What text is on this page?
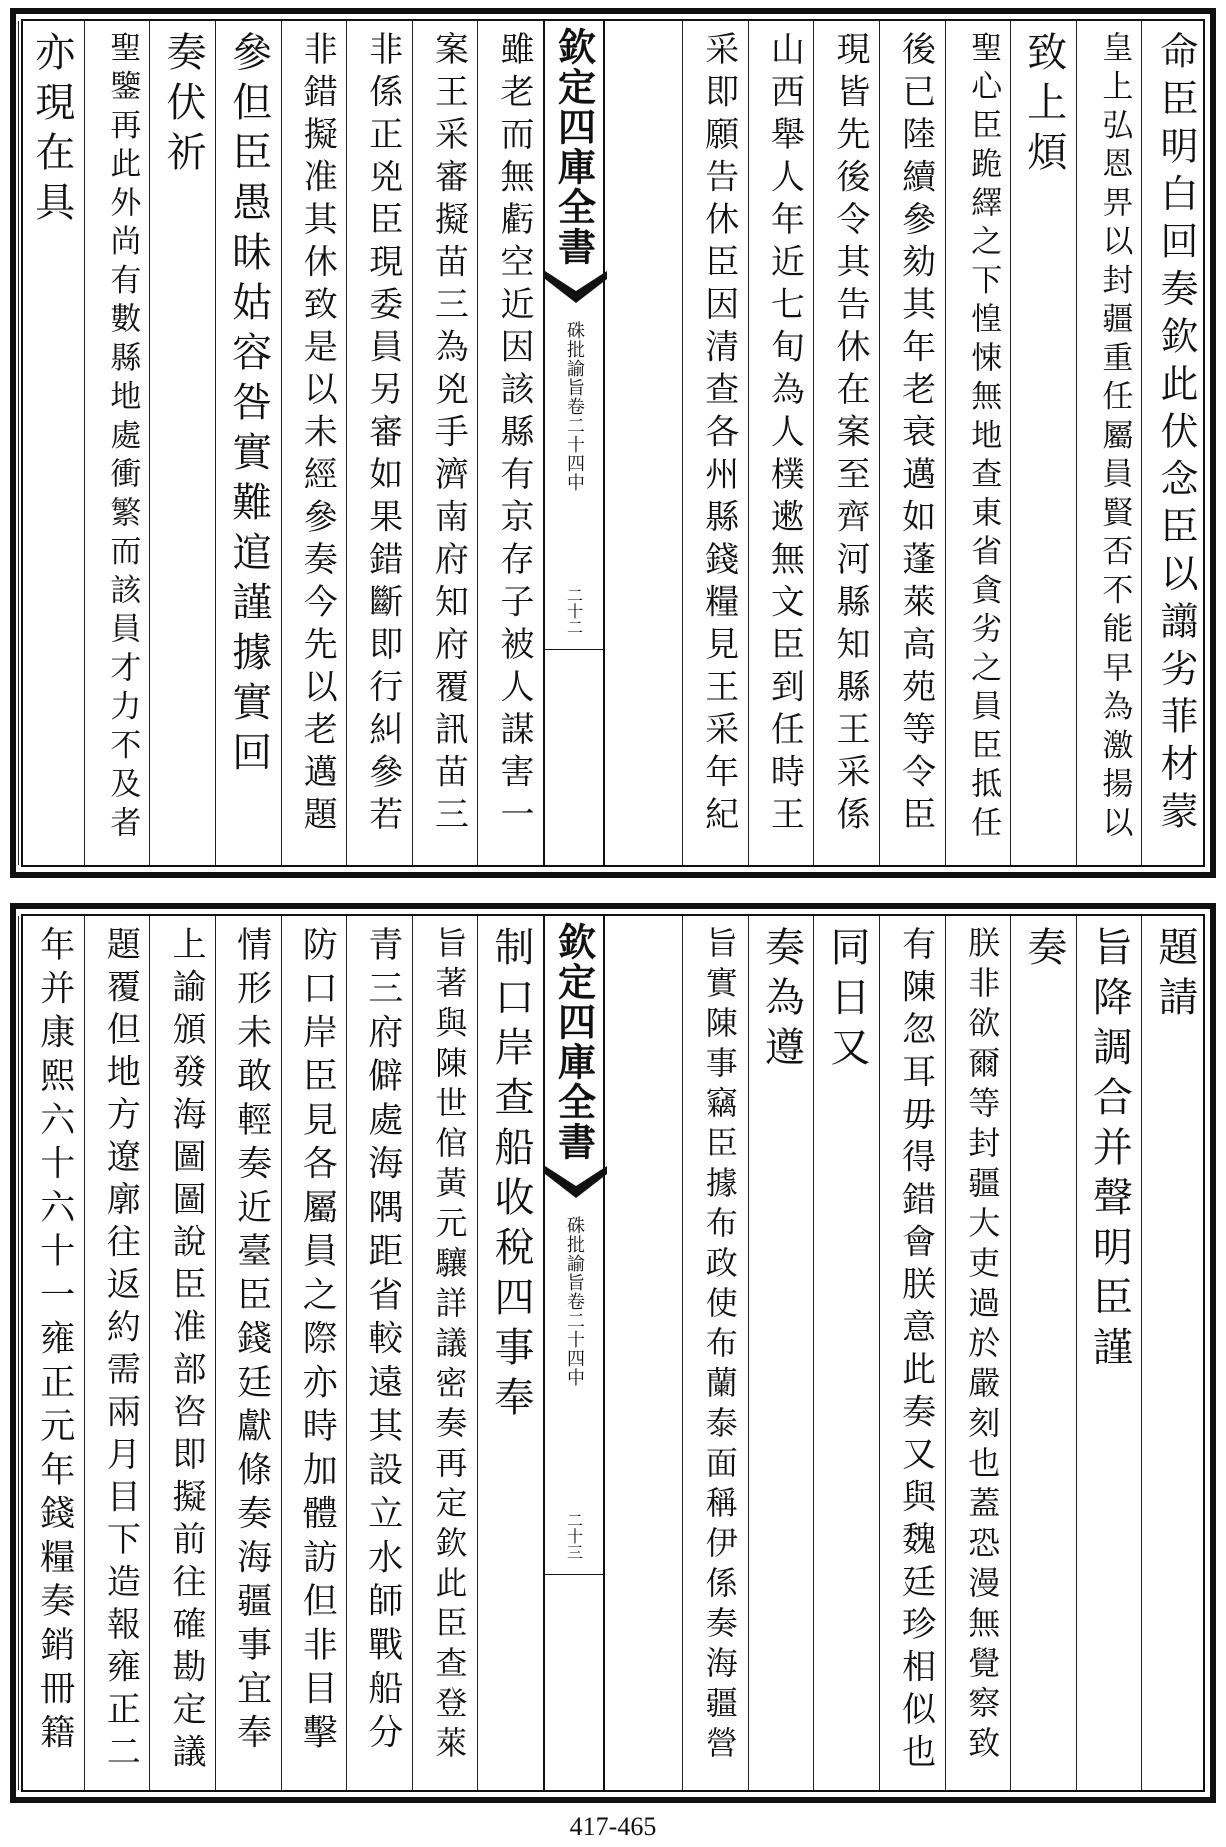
命臣明白回奏欽此伏念臣以譾劣菲材蒙
皇上弘恩畀以封疆重任屬員賢否不能早為激揚以
致上煩
聖心臣跪繹之下惶悚無地查東省貪劣之員臣抵任
後已陸續參劾其年老衰邁如蓬萊高苑等令臣
現皆先後令其告休在案至齊河縣知縣王采係
山西舉人年近七旬為人樸遬無文臣到任時王
采即願告休臣因清查各州縣錢糧見王采年紀
雖老而無虧空近因該縣有京存子被人謀害一
案王采審擬苗三為兇手濟南府知府覆訊苗三
非係正兇臣現委員另審如果錯斷即行糾參若
非錯擬准其休致是以未經參奏今先以老邁題
參但臣愚昧姑容咎實難逭謹據實回
奏伏祈
聖鑒再此外尚有數縣地處衝繁而該員才力不及者
亦現在具	欽定四庫全書
硃批諭旨卷二十四中
二十二
題請
旨降調合并聲明臣謹
奏
朕非欲爾等封疆大吏過於嚴刻也蓋恐漫無覺察致
有陳忽耳毋得錯會朕意此奏又與魏廷珍相似也
同日又
奏為遵
旨實陳事竊臣據布政使布蘭泰面稱伊係奏海疆營
制口岸查船收稅四事奉
旨著與陳世倌黃元驤詳議密奏再定欽此臣查登萊
青三府僻處海隅距省較遠其設立水師戰船分
防口岸臣見各屬員之際亦時加體訪但非目擊
情形未敢輕奏近臺臣錢廷獻條奏海疆事宜奉
上諭頒發海圖圖說臣准部咨即擬前往確勘定議
題覆但地方遼廓往返約需兩月目下造報雍正二
年并康熙六十六十一雍正元年錢糧奏銷冊籍	欽定四庫全書
硃批諭旨卷二十四中
二十三
417-465
